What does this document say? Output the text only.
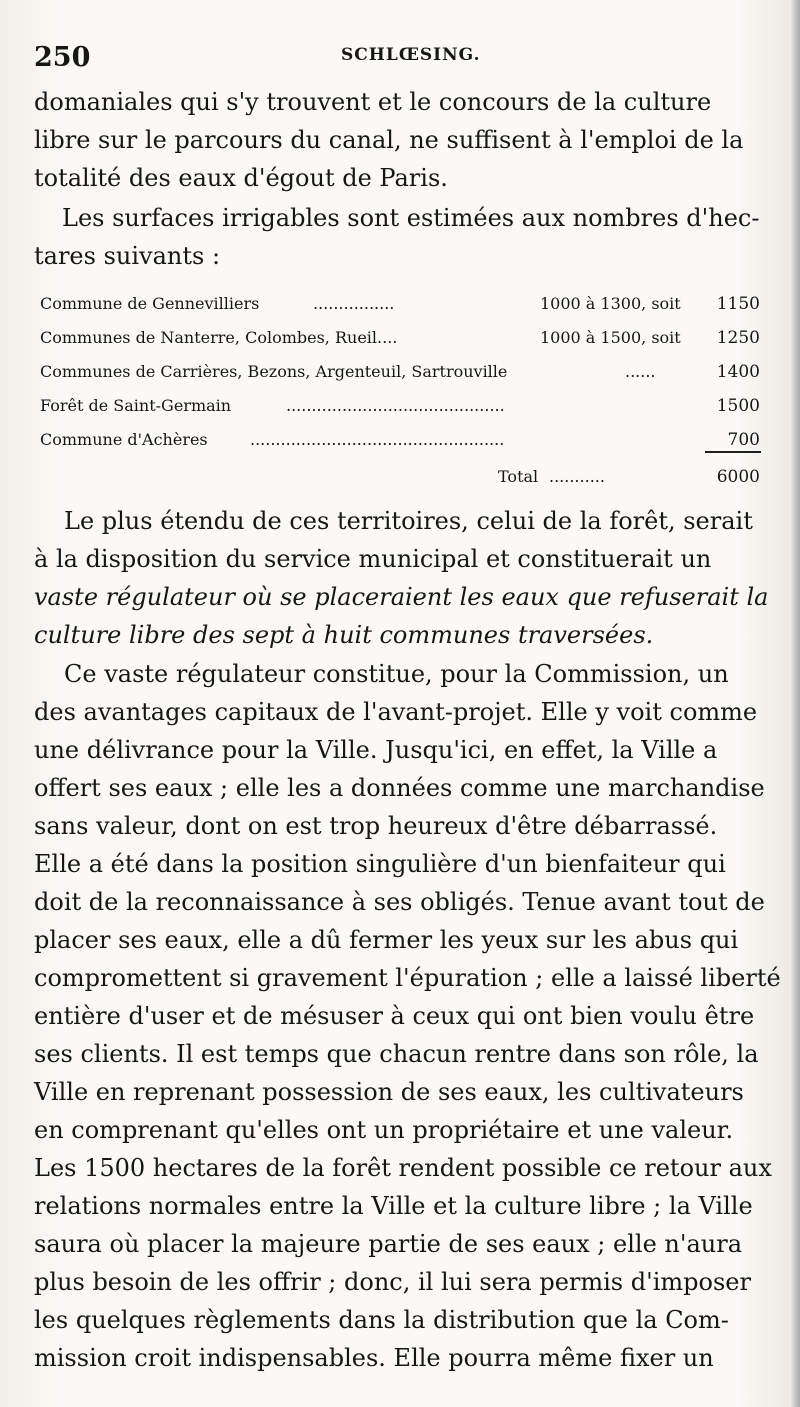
250	SCHLŒSING.
domaniales qui s'y trouvent et le concours de la culture
libre sur le parcours du canal, ne suffisent à l'emploi de la
totalité des eaux d'égout de Paris.
Les surfaces irrigables sont estimées aux nombres d'hec-
tares suivants :
Commune de Gennevilliers	................	1000 à 1300, soit 1150
Communes de Nanterre, Colombes, Rueil....	1000 à 1500, soit 1250
Communes de Carrières, Bezons, Argenteuil, Sartrouville	......	1400
Forêt de Saint-Germain	...........................................	1500
Commune d'Achères	..................................................	700
Total ...........	6000
Le plus étendu de ces territoires, celui de la forêt, serait
à la disposition du service municipal et constituerait un
vaste régulateur où se placeraient les eaux que refuserait la
culture libre des sept à huit communes traversées.
Ce vaste régulateur constitue, pour la Commission, un
des avantages capitaux de l'avant-projet. Elle y voit comme
une délivrance pour la Ville. Jusqu'ici, en effet, la Ville a
offert ses eaux ; elle les a données comme une marchandise
sans valeur, dont on est trop heureux d'être débarrassé.
Elle a été dans la position singulière d'un bienfaiteur qui
doit de la reconnaissance à ses obligés. Tenue avant tout de
placer ses eaux, elle a dû fermer les yeux sur les abus qui
compromettent si gravement l'épuration ; elle a laissé liberté
entière d'user et de mésuser à ceux qui ont bien voulu être
ses clients. Il est temps que chacun rentre dans son rôle, la
Ville en reprenant possession de ses eaux, les cultivateurs
en comprenant qu'elles ont un propriétaire et une valeur.
Les 1500 hectares de la forêt rendent possible ce retour aux
relations normales entre la Ville et la culture libre ; la Ville
saura où placer la majeure partie de ses eaux ; elle n'aura
plus besoin de les offrir ; donc, il lui sera permis d'imposer
les quelques règlements dans la distribution que la Com-
mission croit indispensables. Elle pourra même fixer un
